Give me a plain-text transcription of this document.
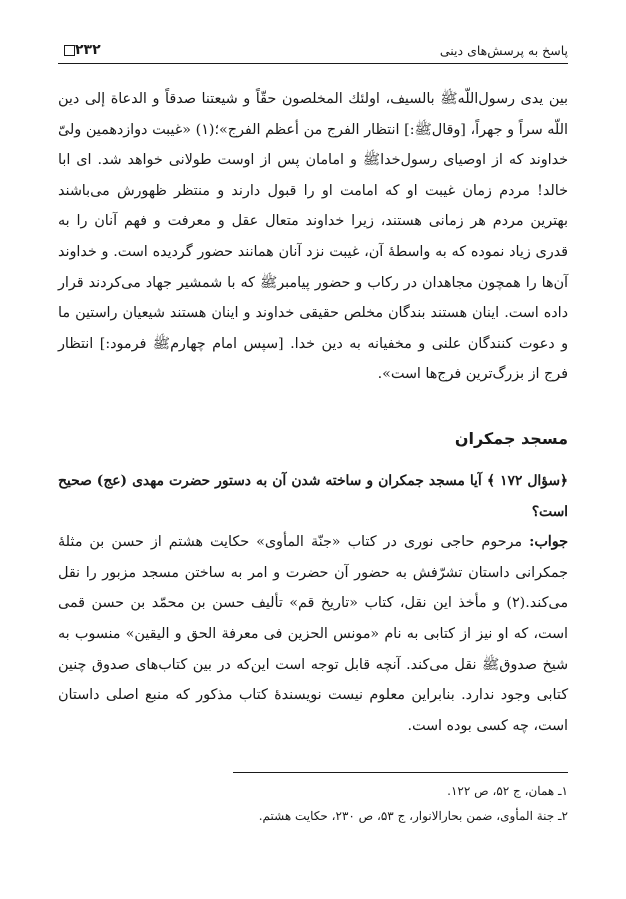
۲۳۲	پاسخ به پرسش‌های دینی

بین یدی رسول‌اللّهﷺ بالسیف، اولئك المخلصون حقّاً و شیعتنا صدقاً و الدعاة إلی دین اللّه سراً و جهراً، [وقالﷺ:] انتظار الفرج من أعظم الفرج»؛(۱) «غیبت دوازدهمین ولیّ خداوند که از اوصیای رسول‌خداﷺ و امامان پس از اوست طولانی خواهد شد. ای ابا خالد! مردم زمان غیبت او که امامت او را قبول دارند و منتظر ظهورش می‌باشند بهترین مردم هر زمانی هستند، زیرا خداوند متعال عقل و معرفت و فهم آنان را به قدری زیاد نموده که به واسطهٔ آن، غیبت نزد آنان همانند حضور گردیده است. و خداوند آن‌ها را همچون مجاهدان در رکاب و حضور پیامبرﷺ که با شمشیر جهاد می‌کردند قرار داده است. اینان هستند بندگان مخلص حقیقی خداوند و اینان هستند شیعیان راستین ما و دعوت کنندگان علنی و مخفیانه به دین خدا. [سپس امام چهارمﷺ فرمود:] انتظار فرج از بزرگ‌ترین فرج‌ها است».

مسجد جمکران

﴿سؤال ۱۷۲ ﴾ آیا مسجد جمکران و ساخته شدن آن به دستور حضرت مهدی (عج) صحیح است؟

جواب: مرحوم حاجی نوری در کتاب «جنّة المأوی» حکایت هشتم از حسن بن مثلهٔ جمکرانی داستان تشرّفش به حضور آن حضرت و امر به ساختن مسجد مزبور را نقل می‌کند.(۲) و مأخذ این نقل، کتاب «تاریخ قم» تألیف حسن بن محمّد بن حسن قمی است، که او نیز از کتابی به نام «مونس الحزین فی معرفة الحق و الیقین» منسوب به شیخ صدوقﷺ نقل می‌کند. آنچه قابل توجه است این‌که در بین کتاب‌های صدوق چنین کتابی وجود ندارد. بنابراین معلوم نیست نویسندهٔ کتاب مذکور که منبع اصلی داستان است، چه کسی بوده است.

۱ـ همان، ج ۵۲، ص ۱۲۲.
۲ـ جنة المأوی، ضمن بحارالانوار، ج ۵۳، ص ۲۳۰، حکایت هشتم.
